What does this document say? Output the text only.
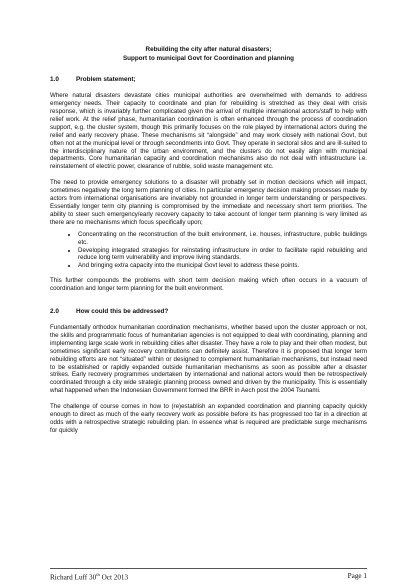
Rebuilding the city after natural disasters;
Support to municipal Govt for Coordination and planning
1.0	Problem statement;

Where natural disasters devastate cities municipal authorities are overwhelmed with demands to address emergency needs. Their capacity to coordinate and plan for rebuilding is stretched as they deal with crisis response, which is invariably further complicated given the arrival of multiple international actors/staff to help with relief work. At the relief phase, humanitarian coordination is often enhanced through the process of coordination support, e.g. the cluster system, though this primarily focuses on the role played by international actors during the relief and early recovery phase. These mechanisms sit “alongside” and may work closely with national Govt, but often not at the municipal level or through secondments into Govt. They operate in sectoral silos and are ill-suited to the interdisciplinary nature of the urban environment, and the clusters do not easily align with municipal departments. Core humanitarian capacity and coordination mechanisms also do not deal with infrastructure i.e. reinstatement of electric power, clearance of rubble, solid waste management etc.

The need to provide emergency solutions to a disaster will probably set in motion decisions which will impact, sometimes negatively the long term planning of cities. In particular emergency decision making processes made by actors from international organisations are invariably not grounded in longer term understanding or perspectives. Essentially longer term city planning is compromised by the immediate and necessary short term priorities. The ability to steer such emergency/early recovery capacity to take account of longer term planning is very limited as there are no mechanisms which focus specifically upon;

• Concentrating on the reconstruction of the built environment, i.e. houses, infrastructure, public buildings etc.
• Developing integrated strategies for reinstating infrastructure in order to facilitate rapid rebuilding and reduce long term vulnerability and improve living standards.
• And bringing extra capacity into the municipal Govt level to address these points.

This further compounds the problems with short term decision making which often occurs in a vacuum of coordination and longer term planning for the built environment.

2.0	How could this be addressed?

Fundamentally orthodox humanitarian coordination mechanisms, whether based upon the cluster approach or not, the skills and programmatic focus of humanitarian agencies is not equipped to deal with coordinating, planning and implementing large scale work in rebuilding cities after disaster. They have a role to play and their often modest, but sometimes significant early recovery contributions can definitely assist. Therefore it is proposed that longer term rebuilding efforts are not “situated” within or designed to complement humanitarian mechanisms, but instead need to be established or rapidly expanded outside humanitarian mechanisms as soon as possible after a disaster strikes. Early recovery programmes undertaken by international and national actors would then be retrospectively coordinated through a city wide strategic planning process owned and driven by the municipality. This is essentially what happened when the Indonesian Government formed the BRR in Aech post the 2004 Tsunami.

The challenge of course comes in how to (re)establish an expanded coordination and planning capacity quickly enough to direct as much of the early recovery work as possible before its has progressed too far in a direction at odds with a retrospective strategic rebuilding plan. In essence what is required are predictable surge mechanisms for quickly

Richard Luff 30th Oct 2013	Page 1
